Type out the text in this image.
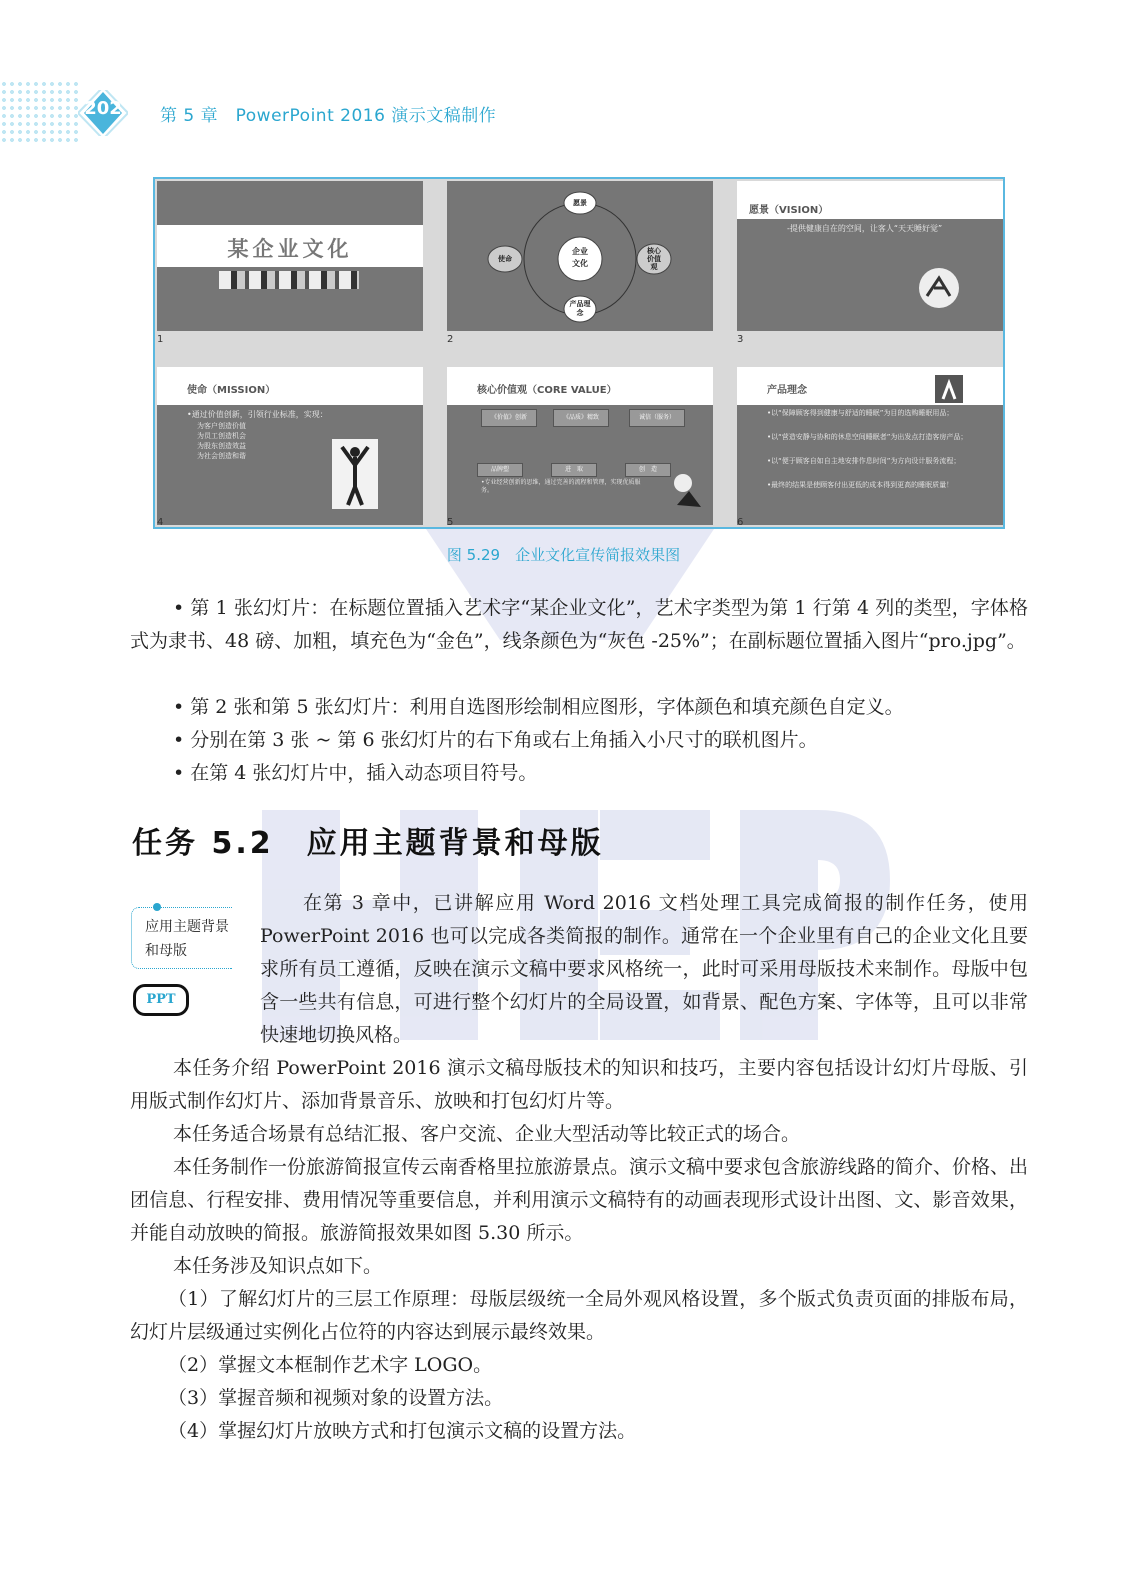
202	第 5 章　PowerPoint 2016 演示文稿制作
某企业文化
1
企业
文化
愿景
使命
核心价值观
产品理念
2
愿景（VISION）
-提供健康自在的空间，让客人“天天睡好觉”
3
使命（MISSION）
•通过价值创新，引领行业标准，实现：
为客户创造价值
为员工创造机会
为股东创造效益
为社会创造和谐
4
核心价值观（CORE VALUE）
《价值》创新	《品质》精致	诚信（服务）
品牌塑	进　取	创　造
•专业经营创新的思维，通过完善的流程和管理，实现优质服务。
5
产品理念
•以“保障顾客得到健康与舒适的睡眠”为目的选购睡眠用品；
•以“营造安静与协和的休息空间睡眠者”为出发点打造客房产品；
•以“便于顾客自如自主地安排作息时间”为方向设计服务流程；
•最终的结果是使顾客付出更低的成本得到更高的睡眠质量！
6
图 5.29　企业文化宣传简报效果图
• 第 1 张幻灯片：在标题位置插入艺术字“某企业文化”，艺术字类型为第 1 行第 4 列的类型，字体格式为隶书、48 磅、加粗，填充色为“金色”，线条颜色为“灰色 -25%”；在副标题位置插入图片“pro.jpg”。
• 第 2 张和第 5 张幻灯片：利用自选图形绘制相应图形，字体颜色和填充颜色自定义。
• 分别在第 3 张 ~ 第 6 张幻灯片的右下角或右上角插入小尺寸的联机图片。
• 在第 4 张幻灯片中，插入动态项目符号。
任务 5.2　应用主题背景和母版
应用主题背景和母版
PPT
在第 3 章中，已讲解应用 Word 2016 文档处理工具完成简报的制作任务，使用 PowerPoint 2016 也可以完成各类简报的制作。通常在一个企业里有自己的企业文化且要求所有员工遵循，反映在演示文稿中要求风格统一，此时可采用母版技术来制作。母版中包含一些共有信息，可进行整个幻灯片的全局设置，如背景、配色方案、字体等，且可以非常快速地切换风格。
本任务介绍 PowerPoint 2016 演示文稿母版技术的知识和技巧，主要内容包括设计幻灯片母版、引用版式制作幻灯片、添加背景音乐、放映和打包幻灯片等。
本任务适合场景有总结汇报、客户交流、企业大型活动等比较正式的场合。
本任务制作一份旅游简报宣传云南香格里拉旅游景点。演示文稿中要求包含旅游线路的简介、价格、出团信息、行程安排、费用情况等重要信息，并利用演示文稿特有的动画表现形式设计出图、文、影音效果，并能自动放映的简报。旅游简报效果如图 5.30 所示。
本任务涉及知识点如下。
（1）了解幻灯片的三层工作原理：母版层级统一全局外观风格设置，多个版式负责页面的排版布局，幻灯片层级通过实例化占位符的内容达到展示最终效果。
（2）掌握文本框制作艺术字 LOGO。
（3）掌握音频和视频对象的设置方法。
（4）掌握幻灯片放映方式和打包演示文稿的设置方法。
